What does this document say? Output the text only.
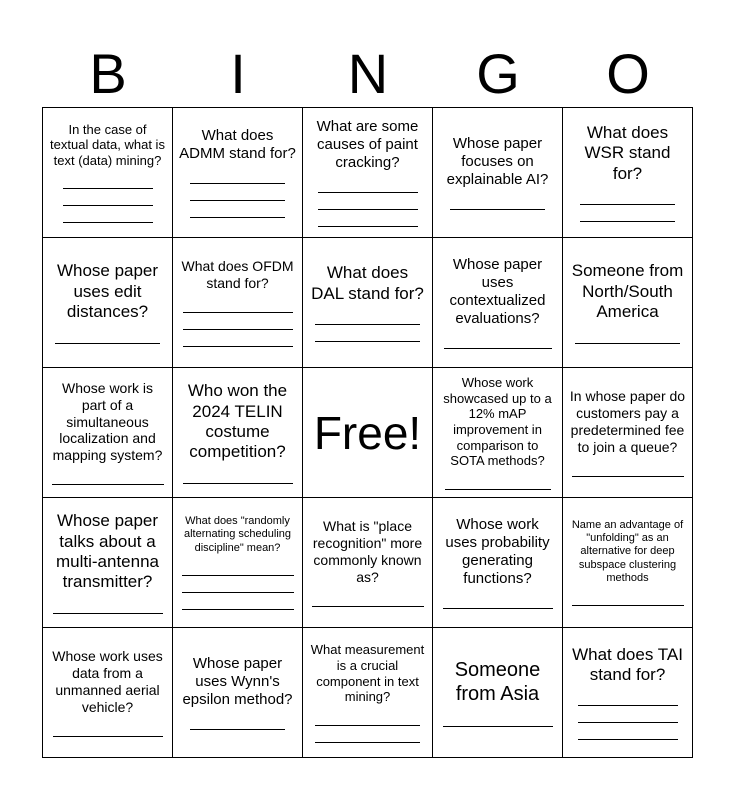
B	I	N	G	O
In the case of textual data, what is text (data) mining?
What does ADMM stand for?
What are some causes of paint cracking?
Whose paper focuses on explainable AI?
What does WSR stand for?
Whose paper uses edit distances?
What does OFDM stand for?
What does DAL stand for?
Whose paper uses contextualized evaluations?
Someone from North/South America
Whose work is part of a simultaneous localization and mapping system?
Who won the 2024 TELIN costume competition? Free!
Whose work showcased up to a 12% mAP improvement in comparison to SOTA methods?
In whose paper do customers pay a predetermined fee to join a queue?
Whose paper talks about a multi-antenna transmitter?
What does "randomly alternating scheduling discipline" mean?
What is "place recognition" more commonly known as?
Whose work uses probability generating functions?
Name an advantage of "unfolding" as an alternative for deep subspace clustering methods
Whose work uses data from a unmanned aerial vehicle?
Whose paper uses Wynn's epsilon method?
What measurement is a crucial component in text mining?
Someone from Asia
What does TAI stand for?
